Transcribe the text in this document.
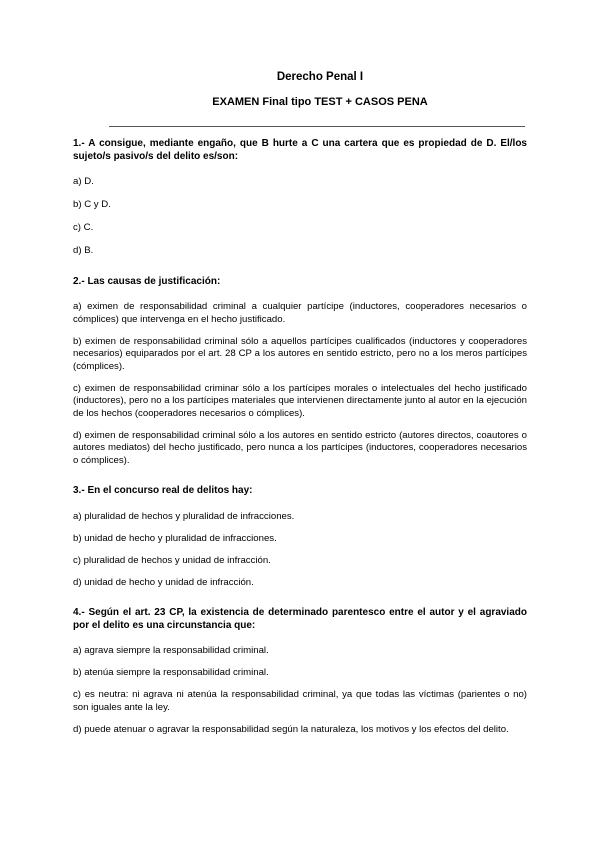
Derecho Penal I
EXAMEN Final tipo TEST + CASOS PENA

1.- A consigue, mediante engaño, que B hurte a C una cartera que es propiedad de D. El/los sujeto/s pasivo/s del delito es/son:

a) D.

b) C y D.

c) C.

d) B.

2.- Las causas de justificación:

a) eximen de responsabilidad criminal a cualquier partícipe (inductores, cooperadores necesarios o cómplices) que intervenga en el hecho justificado.

b) eximen de responsabilidad criminal sólo a aquellos partícipes cualificados (inductores y cooperadores necesarios) equiparados por el art. 28 CP a los autores en sentido estricto, pero no a los meros partícipes (cómplices).

c) eximen de responsabilidad criminar sólo a los partícipes morales o intelectuales del hecho justificado (inductores), pero no a los partícipes materiales que intervienen directamente junto al autor en la ejecución de los hechos (cooperadores necesarios o cómplices).

d) eximen de responsabilidad criminal sólo a los autores en sentido estricto (autores directos, coautores o autores mediatos) del hecho justificado, pero nunca a los partícipes (inductores, cooperadores necesarios o cómplices).

3.- En el concurso real de delitos hay:

a) pluralidad de hechos y pluralidad de infracciones.

b) unidad de hecho y pluralidad de infracciones.

c) pluralidad de hechos y unidad de infracción.

d) unidad de hecho y unidad de infracción.

4.- Según el art. 23 CP, la existencia de determinado parentesco entre el autor y el agraviado por el delito es una circunstancia que:

a) agrava siempre la responsabilidad criminal.

b) atenúa siempre la responsabilidad criminal.

c) es neutra: ni agrava ni atenúa la responsabilidad criminal, ya que todas las víctimas (parientes o no) son iguales ante la ley.

d) puede atenuar o agravar la responsabilidad según la naturaleza, los motivos y los efectos del delito.
